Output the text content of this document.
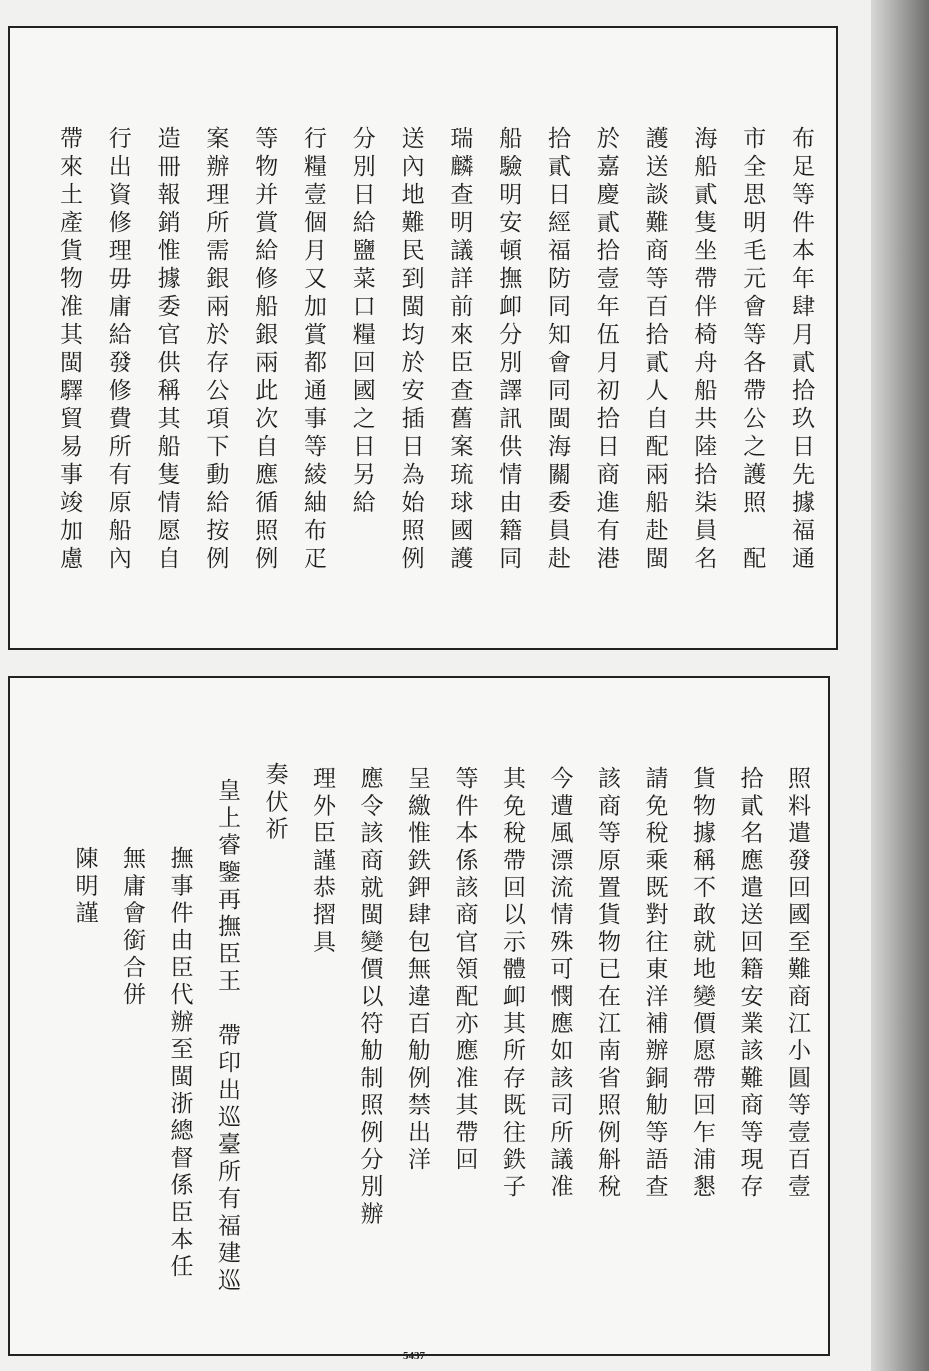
布足等件本年肆月貳拾玖日先據福通
市全思明毛元會等各帶公之護照　配
海船貳隻坐帶伴椅舟船共陸拾柒員名
護送談難商等百拾貳人自配兩船赴閩
於嘉慶貳拾壹年伍月初拾日商進有港
拾貳日經福防同知會同閩海關委員赴
船驗明安頓撫卹分別譯訊供情由籍同
瑞麟查明議詳前來臣查舊案琉球國護
送內地難民到閩均於安插日為始照例
分別日給鹽菜口糧回國之日另給
行糧壹個月又加賞都通事等綾紬布疋
等物并賞給修船銀兩此次自應循照例
案辦理所需銀兩於存公項下動給按例
造冊報銷惟據委官供稱其船隻情愿自
行出資修理毋庸給發修費所有原船內
帶來土產貨物准其閩驛貿易事竣加慮
照料遣發回國至難商江小圓等壹百壹
拾貳名應遣送回籍安業該難商等現存
貨物據稱不敢就地變價愿帶回乍浦懇
請免稅乘既對往東洋補辦銅觔等語查
該商等原置貨物已在江南省照例斛稅
今遭風漂流情殊可憫應如該司所議准
其免稅帶回以示體卹其所存既往鉄子
等件本係該商官領配亦應准其帶回
呈繳惟鉄鉀肆包無違百觔例禁出洋
應令該商就閩變價以符觔制照例分別辦
理外臣謹恭摺具
奏伏祈
皇上睿鑒再撫臣王　帶印出巡臺所有福建巡
撫事件由臣代辦至閩浙總督係臣本任
無庸會銜合併
陳明謹
5437
